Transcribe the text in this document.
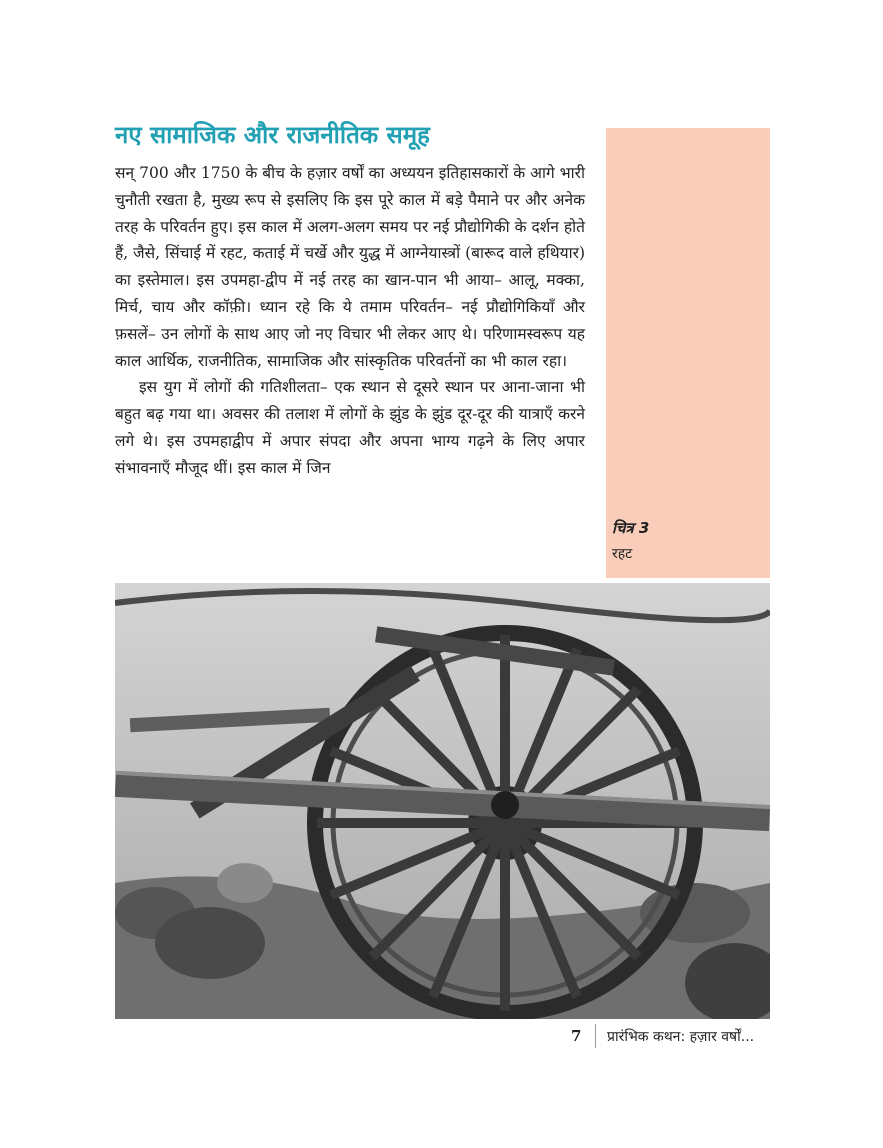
नए सामाजिक और राजनीतिक समूह

सन् 700 और 1750 के बीच के हज़ार वर्षों का अध्ययन इतिहासकारों के आगे भारी चुनौती रखता है, मुख्य रूप से इसलिए कि इस पूरे काल में बड़े पैमाने पर और अनेक तरह के परिवर्तन हुए। इस काल में अलग-अलग समय पर नई प्रौद्योगिकी के दर्शन होते हैं, जैसे, सिंचाई में रहट, कताई में चर्खे और युद्ध में आग्नेयास्त्रों (बारूद वाले हथियार) का इस्तेमाल। इस उपमहा-द्वीप में नई तरह का खान-पान भी आया– आलू, मक्का, मिर्च, चाय और कॉफ़ी। ध्यान रहे कि ये तमाम परिवर्तन– नई प्रौद्योगिकियाँ और फ़सलें– उन लोगों के साथ आए जो नए विचार भी लेकर आए थे। परिणामस्वरूप यह काल आर्थिक, राजनीतिक, सामाजिक और सांस्कृतिक परिवर्तनों का भी काल रहा।

इस युग में लोगों की गतिशीलता– एक स्थान से दूसरे स्थान पर आना-जाना भी बहुत बढ़ गया था। अवसर की तलाश में लोगों के झुंड के झुंड दूर-दूर की यात्राएँ करने लगे थे। इस उपमहाद्वीप में अपार संपदा और अपना भाग्य गढ़ने के लिए अपार संभावनाएँ मौजूद थीं। इस काल में जिन

चित्र 3
रहट
7 प्रारंभिक कथन: हज़ार वर्षों...
